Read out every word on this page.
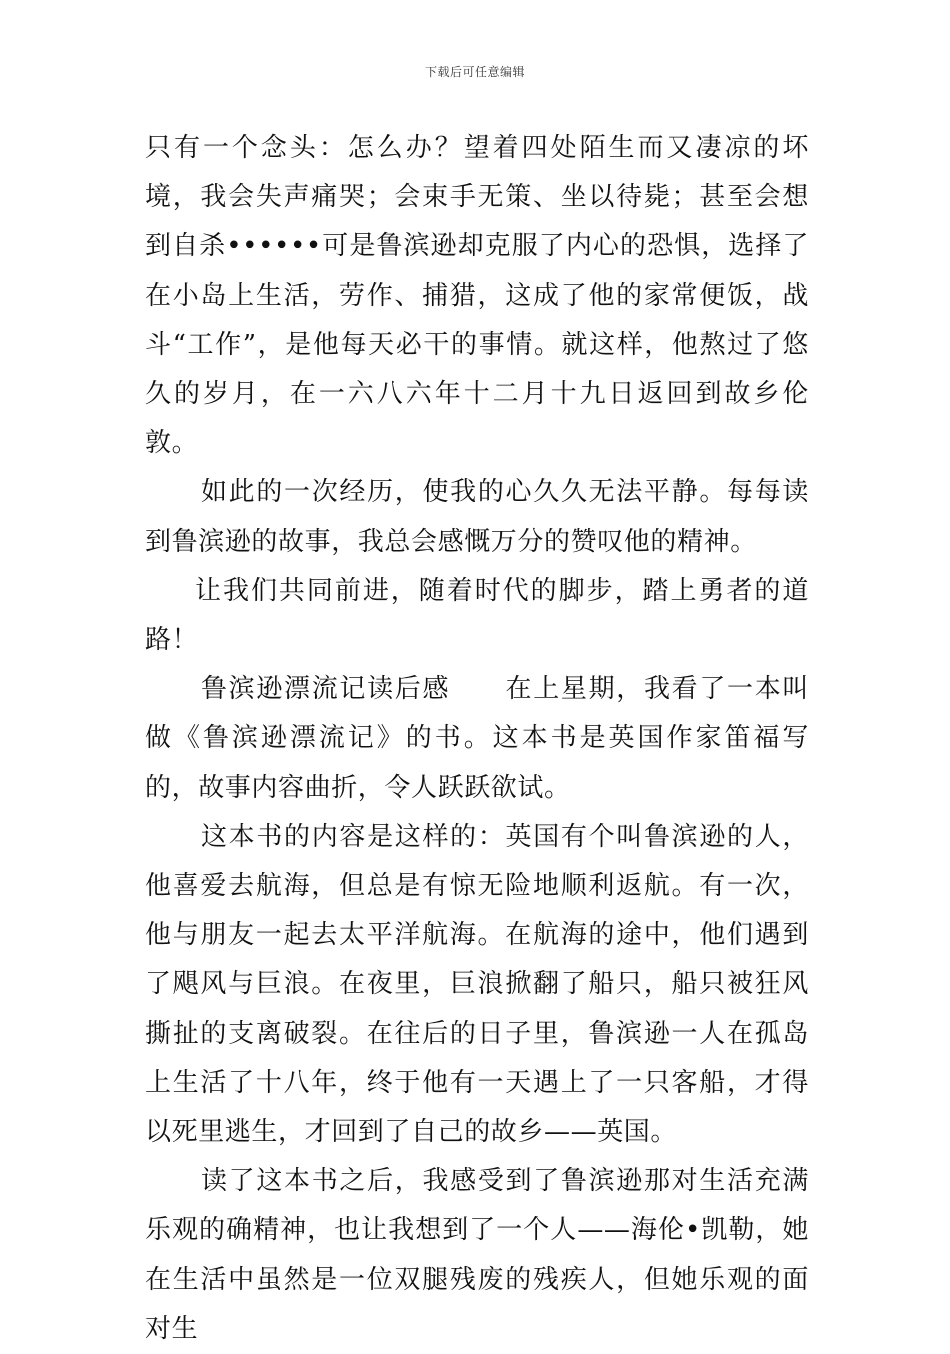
下载后可任意编辑

只有一个念头：怎么办？望着四处陌生而又凄凉的坏境，我会失声痛哭；会束手无策、坐以待毙；甚至会想到自杀••••••可是鲁滨逊却克服了内心的恐惧，选择了在小岛上生活，劳作、捕猎，这成了他的家常便饭，战斗“工作”，是他每天必干的事情。就这样，他熬过了悠久的岁月，在一六八六年十二月十九日返回到故乡伦敦。

如此的一次经历，使我的心久久无法平静。每每读到鲁滨逊的故事，我总会感慨万分的赞叹他的精神。

让我们共同前进，随着时代的脚步，踏上勇者的道路！

鲁滨逊漂流记读后感　　在上星期，我看了一本叫做《鲁滨逊漂流记》的书。这本书是英国作家笛福写的，故事内容曲折，令人跃跃欲试。

这本书的内容是这样的：英国有个叫鲁滨逊的人，他喜爱去航海，但总是有惊无险地顺利返航。有一次，他与朋友一起去太平洋航海。在航海的途中，他们遇到了飓风与巨浪。在夜里，巨浪掀翻了船只，船只被狂风撕扯的支离破裂。在往后的日子里，鲁滨逊一人在孤岛上生活了十八年，终于他有一天遇上了一只客船，才得以死里逃生，才回到了自己的故乡——英国。

读了这本书之后，我感受到了鲁滨逊那对生活充满乐观的确精神，也让我想到了一个人——海伦•凯勒，她在生活中虽然是一位双腿残废的残疾人，但她乐观的面对生
